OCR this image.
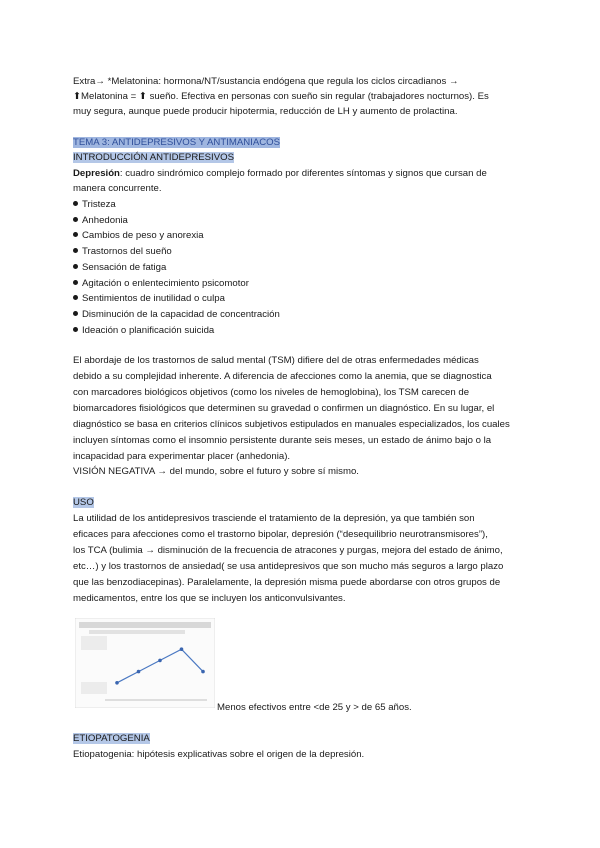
Extra→ *Melatonina: hormona/NT/sustancia endógena que regula los ciclos circadianos →
⬆Melatonina = ⬆ sueño. Efectiva en personas con sueño sin regular (trabajadores nocturnos). Es
muy segura, aunque puede producir hipotermia, reducción de LH y aumento de prolactina.
TEMA 3: ANTIDEPRESIVOS Y ANTIMANIACOS
INTRODUCCIÓN ANTIDEPRESIVOS
Depresión: cuadro sindrómico complejo formado por diferentes síntomas y signos que cursan de
manera concurrente.
Tristeza
Anhedonia
Cambios de peso y anorexia
Trastornos del sueño
Sensación de fatiga
Agitación o enlentecimiento psicomotor
Sentimientos de inutilidad o culpa
Disminución de la capacidad de concentración
Ideación o planificación suicida
El abordaje de los trastornos de salud mental (TSM) difiere del de otras enfermedades médicas
debido a su complejidad inherente. A diferencia de afecciones como la anemia, que se diagnostica
con marcadores biológicos objetivos (como los niveles de hemoglobina), los TSM carecen de
biomarcadores fisiológicos que determinen su gravedad o confirmen un diagnóstico. En su lugar, el
diagnóstico se basa en criterios clínicos subjetivos estipulados en manuales especializados, los cuales
incluyen síntomas como el insomnio persistente durante seis meses, un estado de ánimo bajo o la
incapacidad para experimentar placer (anhedonia).
VISIÓN NEGATIVA → del mundo, sobre el futuro y sobre sí mismo.
USO
La utilidad de los antidepresivos trasciende el tratamiento de la depresión, ya que también son
eficaces para afecciones como el trastorno bipolar, depresión (“desequilibrio neurotransmisores”),
los TCA (bulimia → disminución de la frecuencia de atracones y purgas, mejora del estado de ánimo,
etc…) y los trastornos de ansiedad( se usa antidepresivos que son mucho más seguros a largo plazo
que las benzodiacepinas). Paralelamente, la depresión misma puede abordarse con otros grupos de
medicamentos, entre los que se incluyen los anticonvulsivantes.
Menos efectivos entre <de 25 y > de 65 años.
ETIOPATOGENIA
Etiopatogenia: hipótesis explicativas sobre el origen de la depresión.
